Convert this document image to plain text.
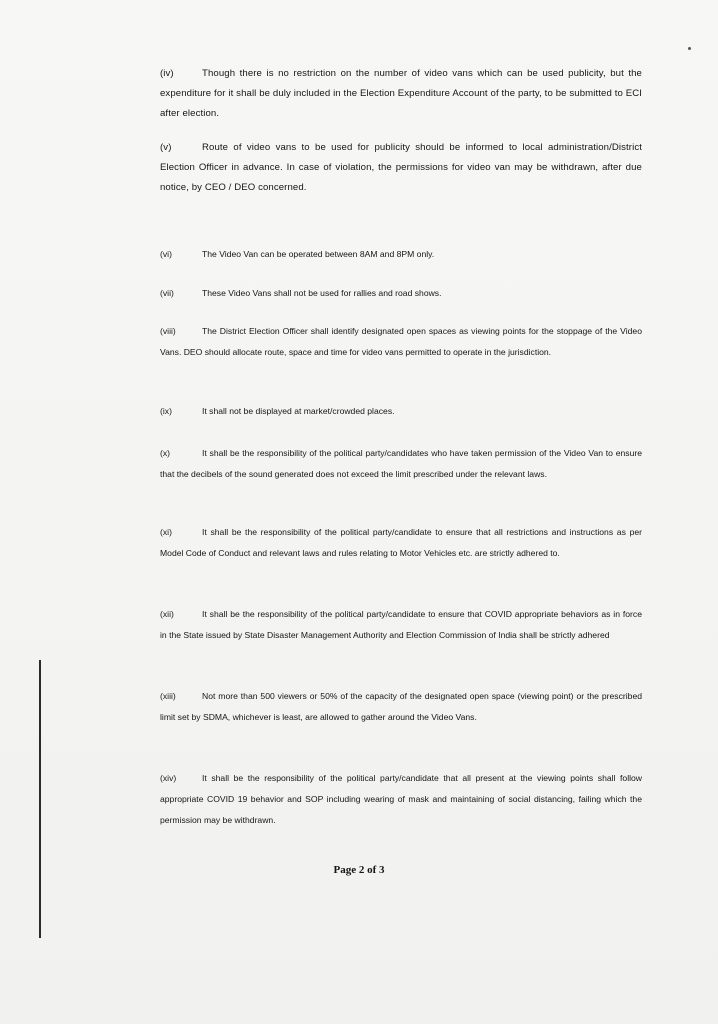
(iv)	Though there is no restriction on the number of video vans which can be used publicity, but the expenditure for it shall be duly included in the Election Expenditure Account of the party, to be submitted to ECI after election.

(v)	Route of video vans to be used for publicity should be informed to local administration/District Election Officer in advance. In case of violation, the permissions for video van may be withdrawn, after due notice, by CEO / DEO concerned.

(vi)	The Video Van can be operated between 8AM and 8PM only.

(vii)	These Video Vans shall not be used for rallies and road shows.

(viii)	The District Election Officer shall identify designated open spaces as viewing points for the stoppage of the Video Vans. DEO should allocate route, space and time for video vans permitted to operate in the jurisdiction.

(ix)	It shall not be displayed at market/crowded places.

(x)	It shall be the responsibility of the political party/candidates who have taken permission of the Video Van to ensure that the decibels of the sound generated does not exceed the limit prescribed under the relevant laws.

(xi)	It shall be the responsibility of the political party/candidate to ensure that all restrictions and instructions as per Model Code of Conduct and relevant laws and rules relating to Motor Vehicles etc. are strictly adhered to.

(xii)	It shall be the responsibility of the political party/candidate to ensure that COVID appropriate behaviors as in force in the State issued by State Disaster Management Authority and Election Commission of India shall be strictly adhered

(xiii)	Not more than 500 viewers or 50% of the capacity of the designated open space (viewing point) or the prescribed limit set by SDMA, whichever is least, are allowed to gather around the Video Vans.

(xiv)	It shall be the responsibility of the political party/candidate that all present at the viewing points shall follow appropriate COVID 19 behavior and SOP including wearing of mask and maintaining of social distancing, failing which the permission may be withdrawn.

Page 2 of 3
